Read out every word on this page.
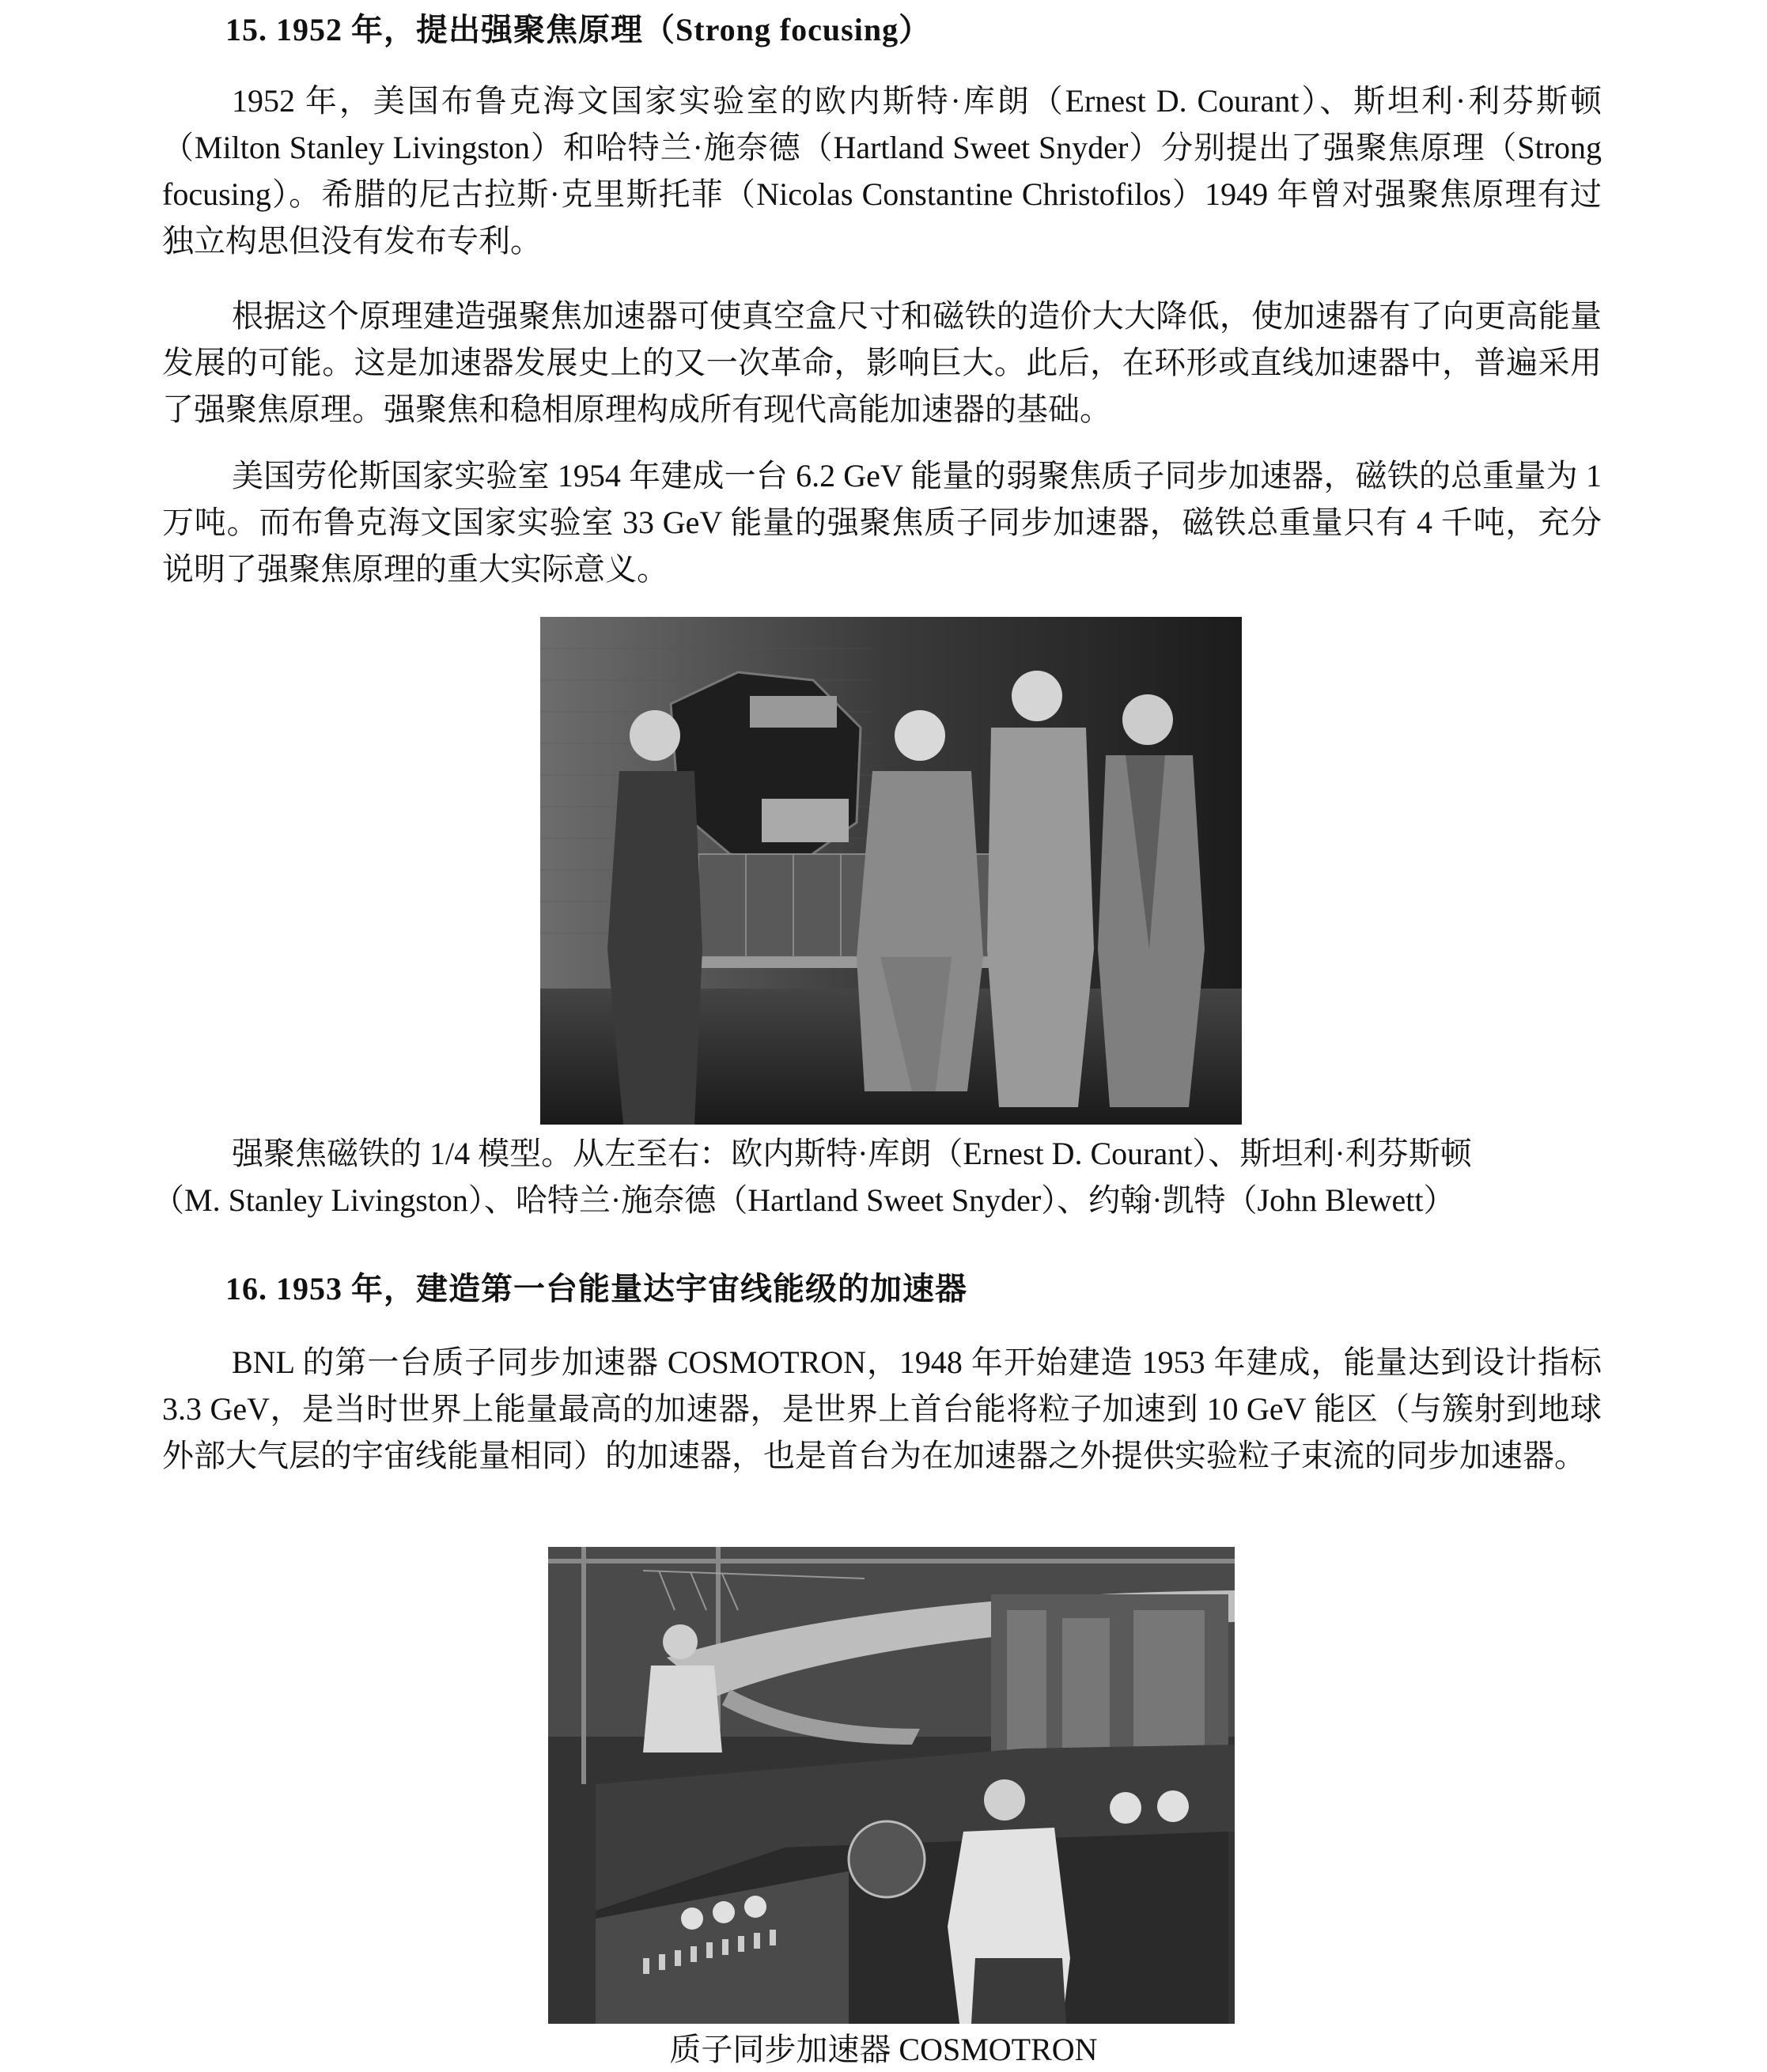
15. 1952 年，提出强聚焦原理（Strong focusing）

1952 年，美国布鲁克海文国家实验室的欧内斯特·库朗（Ernest D. Courant）、斯坦利·利芬斯顿（Milton Stanley Livingston）和哈特兰·施奈德（Hartland Sweet Snyder）分别提出了强聚焦原理（Strong focusing）。希腊的尼古拉斯·克里斯托菲（Nicolas Constantine Christofilos）1949 年曾对强聚焦原理有过独立构思但没有发布专利。

根据这个原理建造强聚焦加速器可使真空盒尺寸和磁铁的造价大大降低，使加速器有了向更高能量发展的可能。这是加速器发展史上的又一次革命，影响巨大。此后，在环形或直线加速器中，普遍采用了强聚焦原理。强聚焦和稳相原理构成所有现代高能加速器的基础。

美国劳伦斯国家实验室 1954 年建成一台 6.2 GeV 能量的弱聚焦质子同步加速器，磁铁的总重量为 1 万吨。而布鲁克海文国家实验室 33 GeV 能量的强聚焦质子同步加速器，磁铁总重量只有 4 千吨，充分说明了强聚焦原理的重大实际意义。

强聚焦磁铁的 1/4 模型。从左至右：欧内斯特·库朗（Ernest D. Courant）、斯坦利·利芬斯顿
（M. Stanley Livingston）、哈特兰·施奈德（Hartland Sweet Snyder）、约翰·凯特（John Blewett）
16. 1953 年，建造第一台能量达宇宙线能级的加速器

BNL 的第一台质子同步加速器 COSMOTRON，1948 年开始建造 1953 年建成，能量达到设计指标 3.3 GeV，是当时世界上能量最高的加速器，是世界上首台能将粒子加速到 10 GeV 能区（与簇射到地球外部大气层的宇宙线能量相同）的加速器，也是首台为在加速器之外提供实验粒子束流的同步加速器。

质子同步加速器 COSMOTRON
